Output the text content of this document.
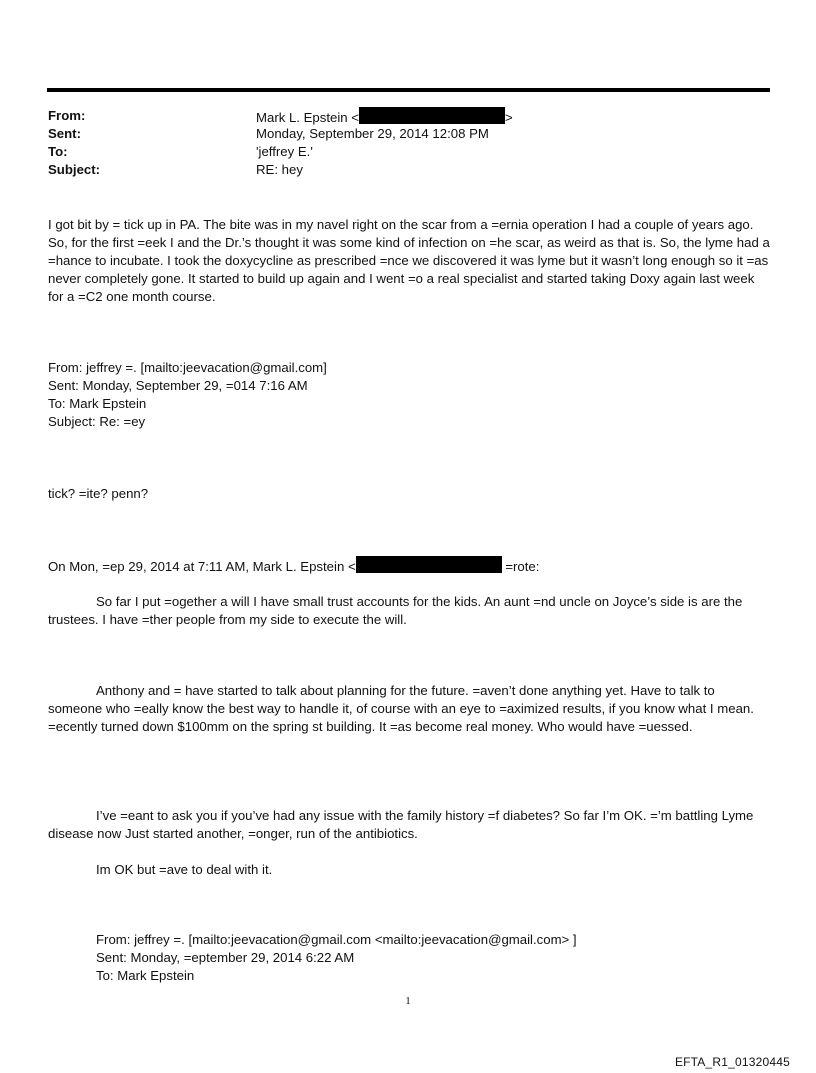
From:	Mark L. Epstein <	>
Sent:	Monday, September 29, 2014 12:08 PM
To:	'jeffrey E.'
Subject:	RE: hey

I got bit by = tick up in PA. The bite was in my navel right on the scar from a =ernia operation I had a couple of years ago. So, for the first =eek I and the Dr.’s thought it was some kind of infection on =he scar, as weird as that is. So, the lyme had a =hance to incubate. I took the doxycycline as prescribed =nce we discovered it was lyme but it wasn’t long enough so it =as never completely gone. It started to build up again and I went =o a real specialist and started taking Doxy again last week for a =C2 one month course.

From: jeffrey =. [mailto:jeevacation@gmail.com]
Sent: Monday, September 29, =014 7:16 AM
To: Mark Epstein
Subject: Re: =ey

tick? =ite? penn?

On Mon, =ep 29, 2014 at 7:11 AM, Mark L. Epstein <	=rote:

So far I put =ogether a will I have small trust accounts for the kids. An aunt =nd uncle on Joyce’s side is are the trustees. I have =ther people from my side to execute the will.

Anthony and = have started to talk about planning for the future. =aven’t done anything yet. Have to talk to someone who =eally know the best way to handle it, of course with an eye to =aximized results, if you know what I mean. =ecently turned down $100mm on the spring st building. It =as become real money. Who would have =uessed.

I’ve =eant to ask you if you’ve had any issue with the family history =f diabetes? So far I’m OK. =’m battling Lyme disease now Just started another, =onger, run of the antibiotics.

Im OK but =ave to deal with it.

From: jeffrey =. [mailto:jeevacation@gmail.com <mailto:jeevacation@gmail.com> ]
Sent: Monday, =eptember 29, 2014 6:22 AM
To: Mark Epstein
1
EFTA_R1_01320445
